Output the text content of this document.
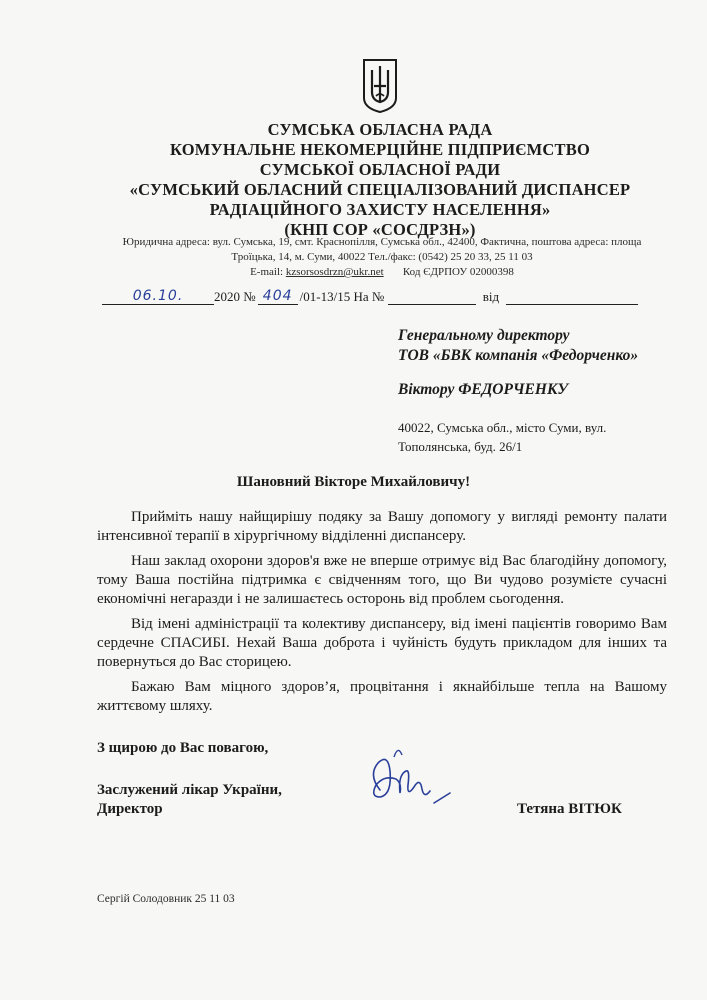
СУМСЬКА ОБЛАСНА РАДА
КОМУНАЛЬНЕ НЕКОМЕРЦІЙНЕ ПІДПРИЄМСТВО
СУМСЬКОЇ ОБЛАСНОЇ РАДИ
«СУМСЬКИЙ ОБЛАСНИЙ СПЕЦІАЛІЗОВАНИЙ ДИСПАНСЕР
РАДІАЦІЙНОГО ЗАХИСТУ НАСЕЛЕННЯ»
(КНП СОР «СОСДРЗН»)
Юридична адреса: вул. Сумська, 19, смт. Краснопілля, Сумська обл., 42400, Фактична, поштова адреса: площа
Троїцька, 14, м. Суми, 40022 Тел./факс: (0542) 25 20 33, 25 11 03
E-mail: kzsorsosdrzn@ukr.net Код ЄДРПОУ 02000398
06.10.	2020 № 404 /01-13/15 На №	від
Генеральному директору
ТОВ «БВК компанія «Федорченко»
Віктору ФЕДОРЧЕНКУ
40022, Сумська обл., місто Суми, вул.
Тополянська, буд. 26/1
Шановний Вікторе Михайловичу!

Прийміть нашу найщирішу подяку за Вашу допомогу у вигляді ремонту палати інтенсивної терапії в хірургічному відділенні диспансеру.

Наш заклад охорони здоров'я вже не вперше отримує від Вас благодійну допомогу, тому Ваша постійна підтримка є свідченням того, що Ви чудово розумієте сучасні економічні негаразди і не залишаєтесь осторонь від проблем сьогодення.

Від імені адміністрації та колективу диспансеру, від імені пацієнтів говоримо Вам сердечне СПАСИБІ. Нехай Ваша доброта і чуйність будуть прикладом для інших та повернуться до Вас сторицею.

Бажаю Вам міцного здоров’я, процвітання і якнайбільше тепла на Вашому життєвому шляху.

З щирою до Вас повагою,
Заслужений лікар України,
Директор	Тетяна ВІТЮК
Сергій Солодовник 25 11 03
